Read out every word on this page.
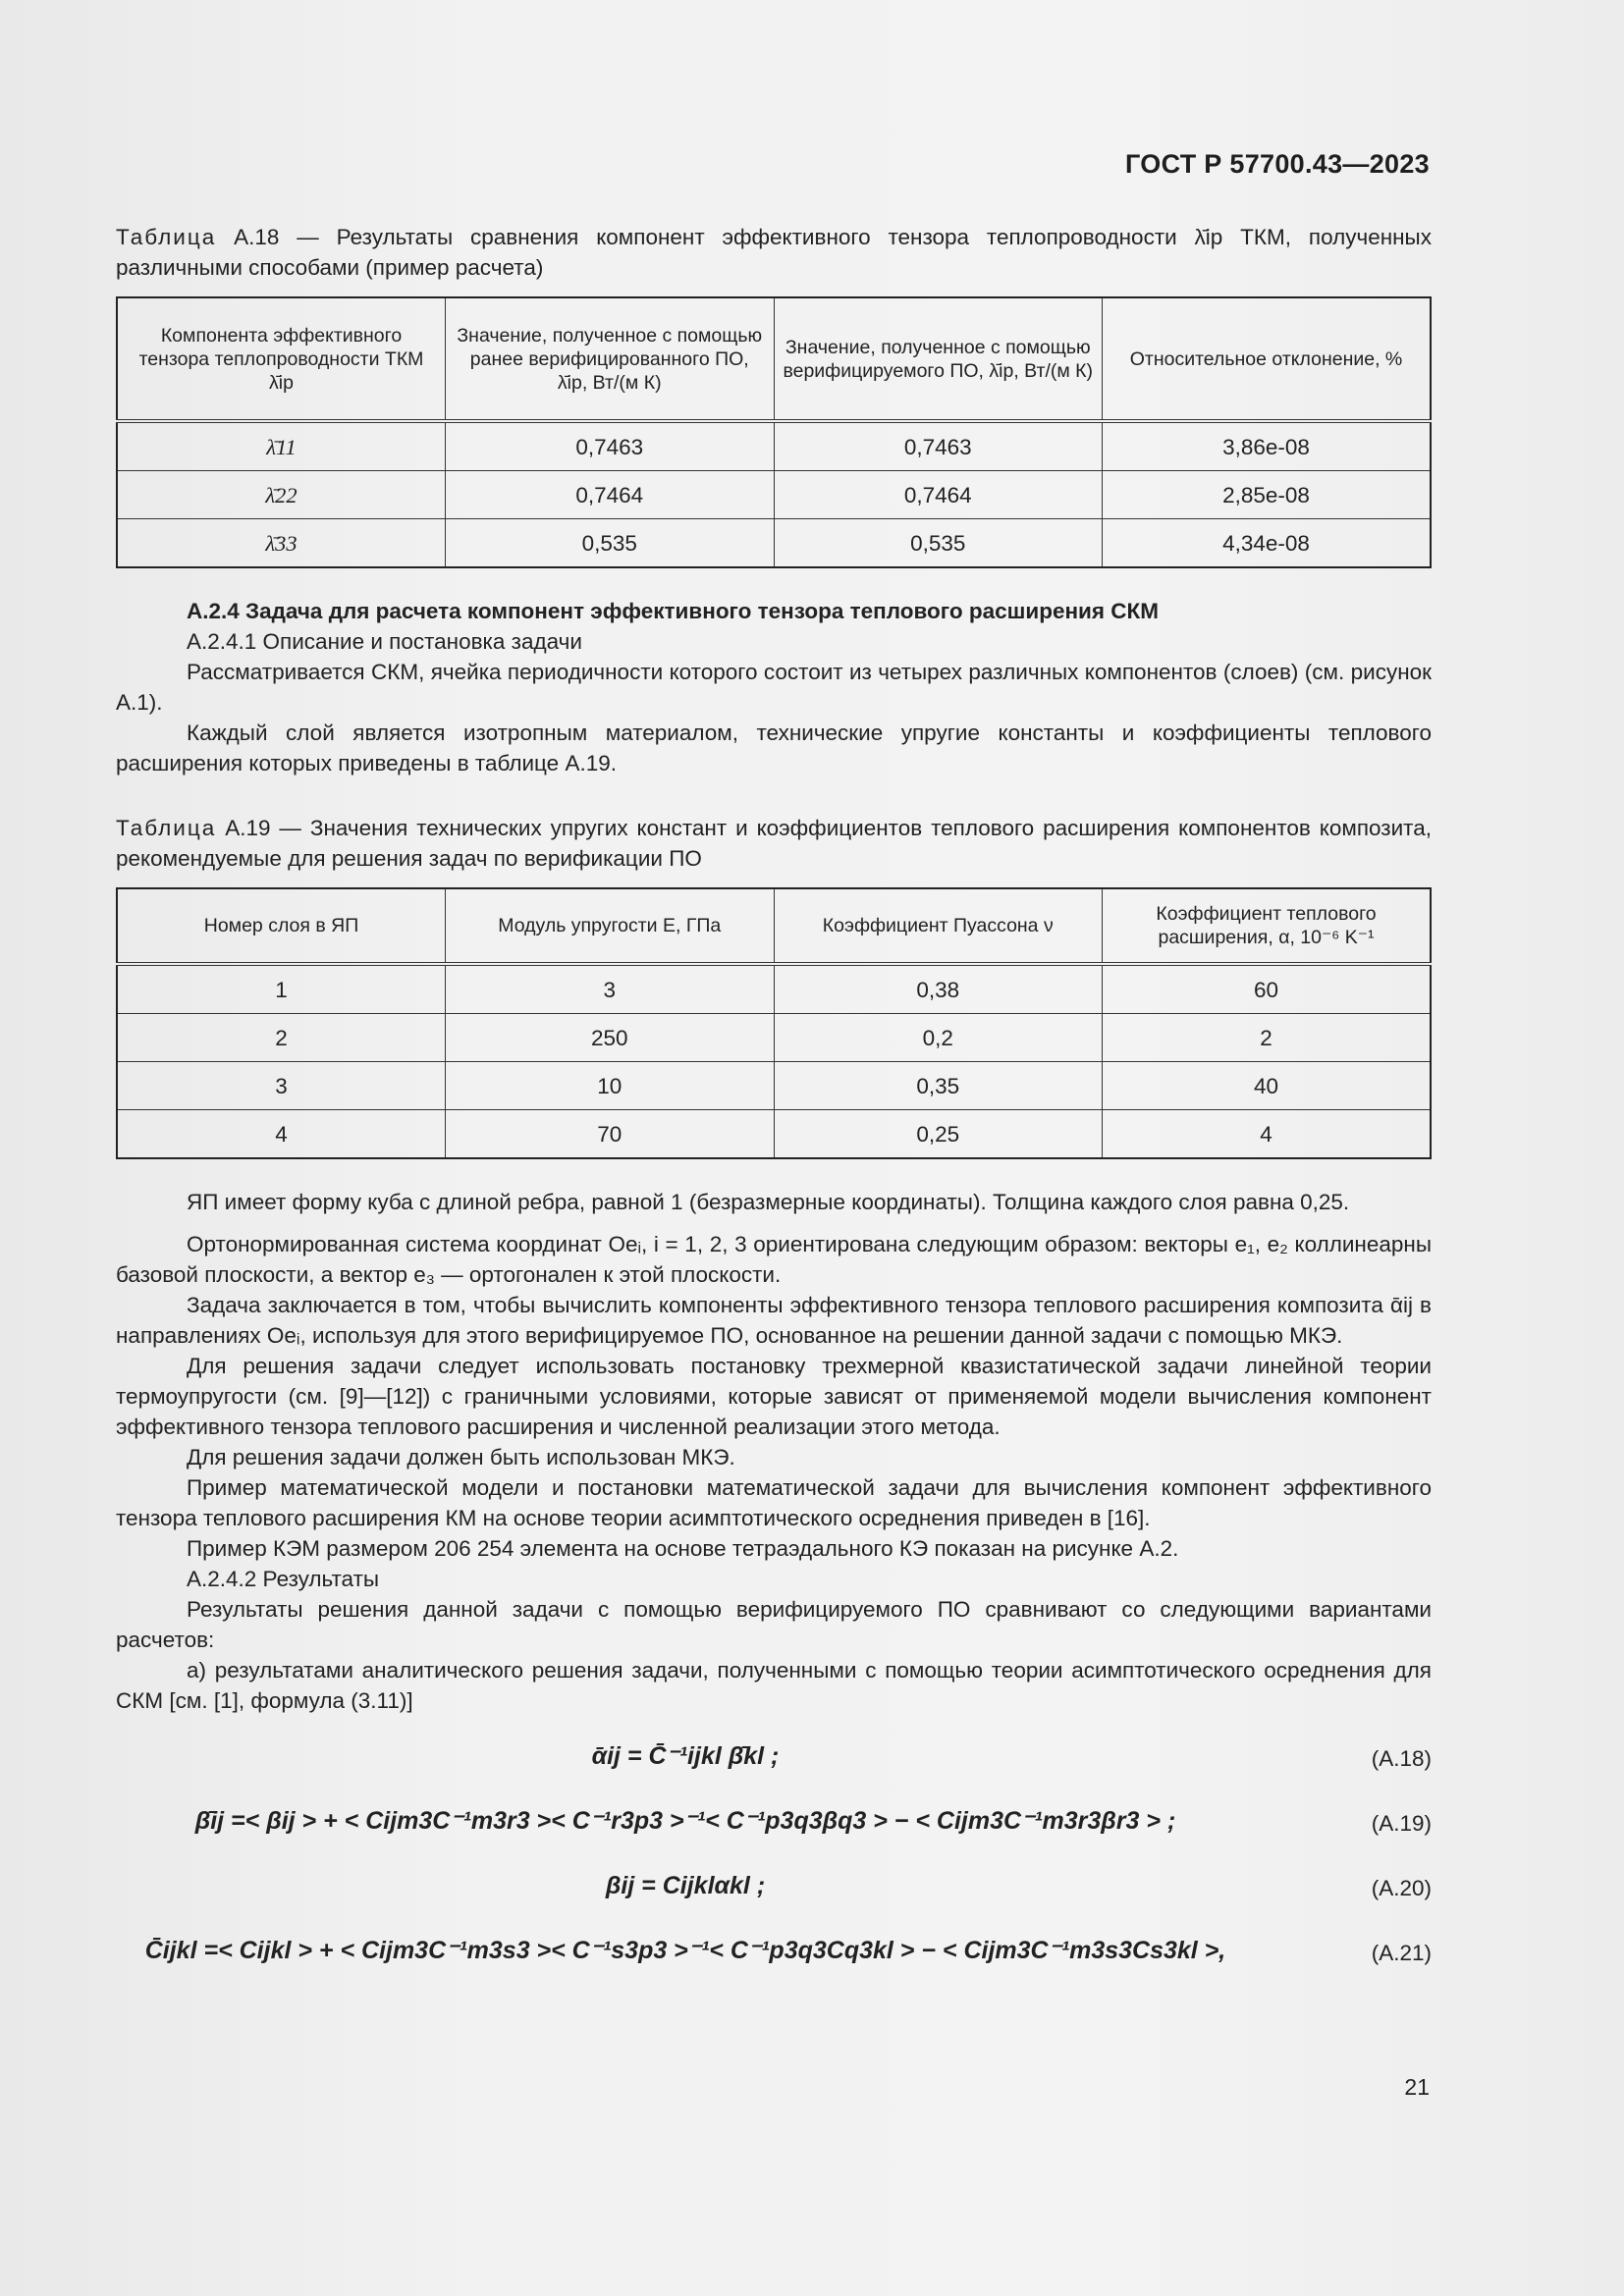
ГОСТ Р 57700.43—2023

Таблица А.18 — Результаты сравнения компонент эффективного тензора теплопроводности λ̄ip ТКМ, полученных различными способами (пример расчета)

Компонента эффективного тензора теплопроводности ТКМ λ̄ip	Значение, полученное с помощью ранее верифицированного ПО, λ̄ip, Вт/(м К)	Значение, полученное с помощью верифицируемого ПО, λ̄ip, Вт/(м К)	Относительное отклонение, %
λ̄11	0,7463	0,7463	3,86е-08
λ̄22	0,7464	0,7464	2,85е-08
λ̄33	0,535	0,535	4,34е-08

А.2.4 Задача для расчета компонент эффективного тензора теплового расширения СКМ

А.2.4.1 Описание и постановка задачи

Рассматривается СКМ, ячейка периодичности которого состоит из четырех различных компонентов (слоев) (см. рисунок А.1).

Каждый слой является изотропным материалом, технические упругие константы и коэффициенты теплового расширения которых приведены в таблице А.19.

Таблица А.19 — Значения технических упругих констант и коэффициентов теплового расширения компонентов композита, рекомендуемые для решения задач по верификации ПО

Номер слоя в ЯП	Модуль упругости E, ГПа	Коэффициент Пуассона ν	Коэффициент теплового расширения, α, 10⁻⁶ K⁻¹
1	3	0,38	60
2	250	0,2	2
3	10	0,35	40
4	70	0,25	4

ЯП имеет форму куба с длиной ребра, равной 1 (безразмерные координаты). Толщина каждого слоя равна 0,25.

Ортонормированная система координат Oeᵢ, i = 1, 2, 3 ориентирована следующим образом: векторы e₁, e₂ коллинеарны базовой плоскости, а вектор e₃ — ортогонален к этой плоскости.

Задача заключается в том, чтобы вычислить компоненты эффективного тензора теплового расширения композита ᾱij в направлениях Oeᵢ, используя для этого верифицируемое ПО, основанное на решении данной задачи с помощью МКЭ.

Для решения задачи следует использовать постановку трехмерной квазистатической задачи линейной теории термоупругости (см. [9]—[12]) с граничными условиями, которые зависят от применяемой модели вычисления компонент эффективного тензора теплового расширения и численной реализации этого метода.

Для решения задачи должен быть использован МКЭ.

Пример математической модели и постановки математической задачи для вычисления компонент эффективного тензора теплового расширения КМ на основе теории асимптотического осреднения приведен в [16].

Пример КЭМ размером 206 254 элемента на основе тетраэдального КЭ показан на рисунке А.2.

А.2.4.2 Результаты

Результаты решения данной задачи с помощью верифицируемого ПО сравнивают со следующими вариантами расчетов:

а) результатами аналитического решения задачи, полученными с помощью теории асимптотического осреднения для СКМ [см. [1], формула (3.11)]

ᾱij = C̄⁻¹ijkl β̄kl ;	(А.18)
β̄ij =< βij > + < Cijm3C⁻¹m3r3 >< C⁻¹r3p3 >⁻¹< C⁻¹p3q3βq3 > − < Cijm3C⁻¹m3r3βr3 > ;	(А.19)
βij = Cijklαkl ;	(А.20)
C̄ijkl =< Cijkl > + < Cijm3C⁻¹m3s3 >< C⁻¹s3p3 >⁻¹< C⁻¹p3q3Cq3kl > − < Cijm3C⁻¹m3s3Cs3kl >,	(А.21)
21
